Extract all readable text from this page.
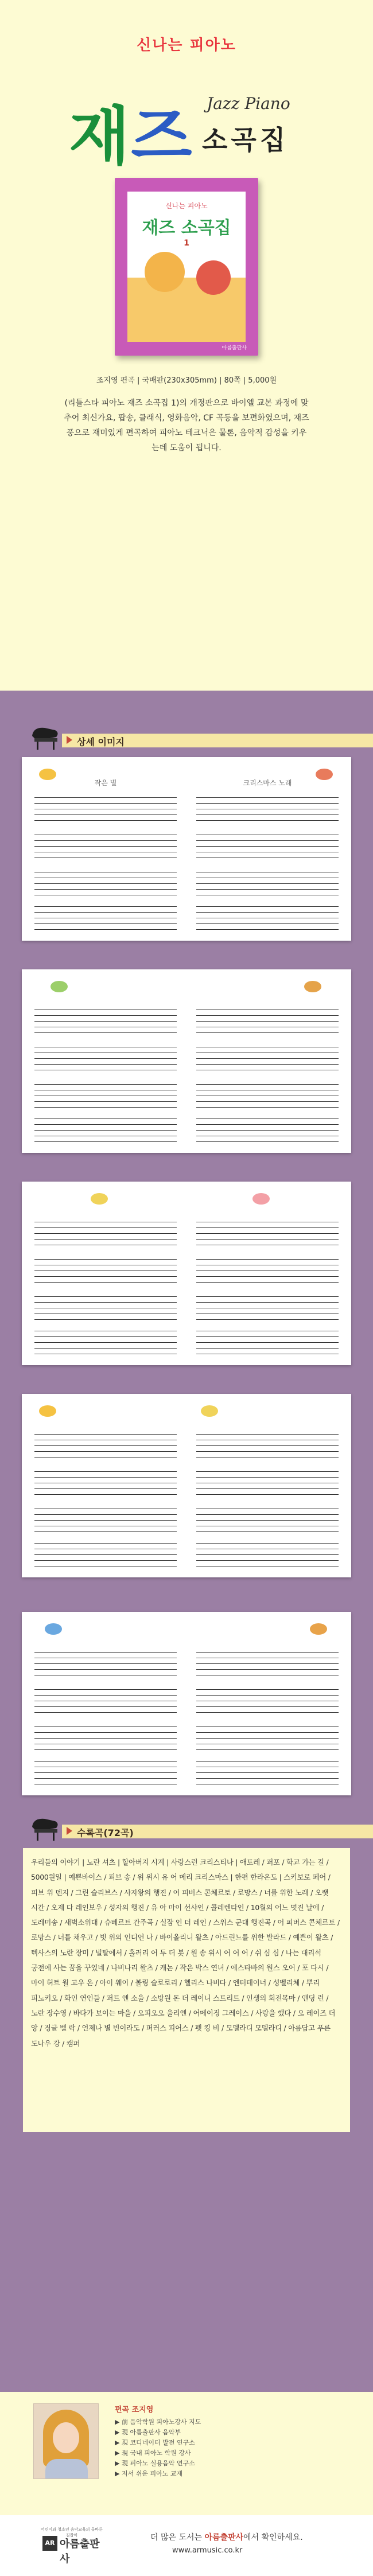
신나는 피아노
재즈 Jazz Piano
소곡집
신나는 피아노
재즈 소곡집
1
아름출판사
조지영 편곡 | 국배판(230x305mm) | 80쪽 | 5,000원
(리틀스타 피아노 재즈 소곡집 1)의 개정판으로 바이엘 교본 과정에 맞추어 최신가요, 팝송, 클래식, 영화음악, CF 곡등을 보편화였으며, 재즈 풍으로 재미있게 편곡하여 피아노 테크닉은 물론, 음악적 감성을 키우는데 도움이 됩니다.
상세 이미지
작은 별	크리스마스 노래
수록곡(72곡)
우리들의 이야기 | 노란 셔츠 | 할아버지 시계 | 사랑스런 크리스티나 | 애토레 / 퍼포 / 학교 가는 길 / 5000원일 | 예쁜바이스 / 피브 송 / 위 위시 유 어 메리 크리스마스 | 한편 한라온도 | 스키보로 페어 / 피브 위 덴지 / 그린 슬리브스 / 사자왕의 행진 / 어 피버스 콘체르토 / 로망스 / 너를 위한 노래 / 오랫 시간 / 오제 다 레인보우 / 성자의 행진 / 유 아 마이 선샤인 / 콜레렌타인 / 10월의 어느 멋진 날에 / 도레미송 / 새벽소위대 / 슈베르트 간주곡 / 실잠 인 더 레인 / 스위스 군대 행진곡 / 어 피버스 콘체르토 / 로망스 / 너를 채우고 / 빗 위의 인디언 나 / 바이올리니 왈츠 / 아드린느를 위한 발라드 / 예쁜이 왈츠 / 텍사스의 노란 장미 / 빌탈에서 / 홀러리 어 투 더 봇 / 원 송 위시 어 어 어 / 쉬 심 심 / 나는 대리석 궁전에 사는 꿈을 꾸었네 / 나비나리 왈츠 / 캐논 / 작은 박스 연녀 / 에스타바의 원스 오어 / 포 다시 / 마이 허트 윌 고우 온 / 아이 웨이 / 볼링 슬로로리 / 헬리스 나비다 / 엔터테이너 / 성벨리체 / 뿌리 피노키오 / 화인 연인들 / 퍼트 엔 소울 / 소방원 돈 더 레이니 스트리트 / 인생의 회전목마 / 앤딩 런 / 노란 장수영 / 바다가 보이는 마을 / 오피오오 울리엔 / 어메이징 그레이스 / 사랑을 했다 / 오 레이즈 더 앙 / 징글 벨 락 / 언제나 별 빈이라도 / 퍼러스 피어스 / 펫 킹 비 / 모델라디 모델라디 / 아름답고 푸른 도나우 강 / 캠퍼
편곡 조지영
▶ 前 음악학원 피아노강사 지도
▶ 現 아름출판사 음악부
▶ 現 코디네이터 발전 연구소
▶ 現 국내 피아노 학원 강사
▶ 現 피아노 실용음악 연구소
▶ 저서 쉬운 피아노 교재
어린이와 청소년 음악교육의 올바른 길잡이
AR 아름출판사
더 많은 도서는 아름출판사에서 확인하세요.
www.armusic.co.kr
